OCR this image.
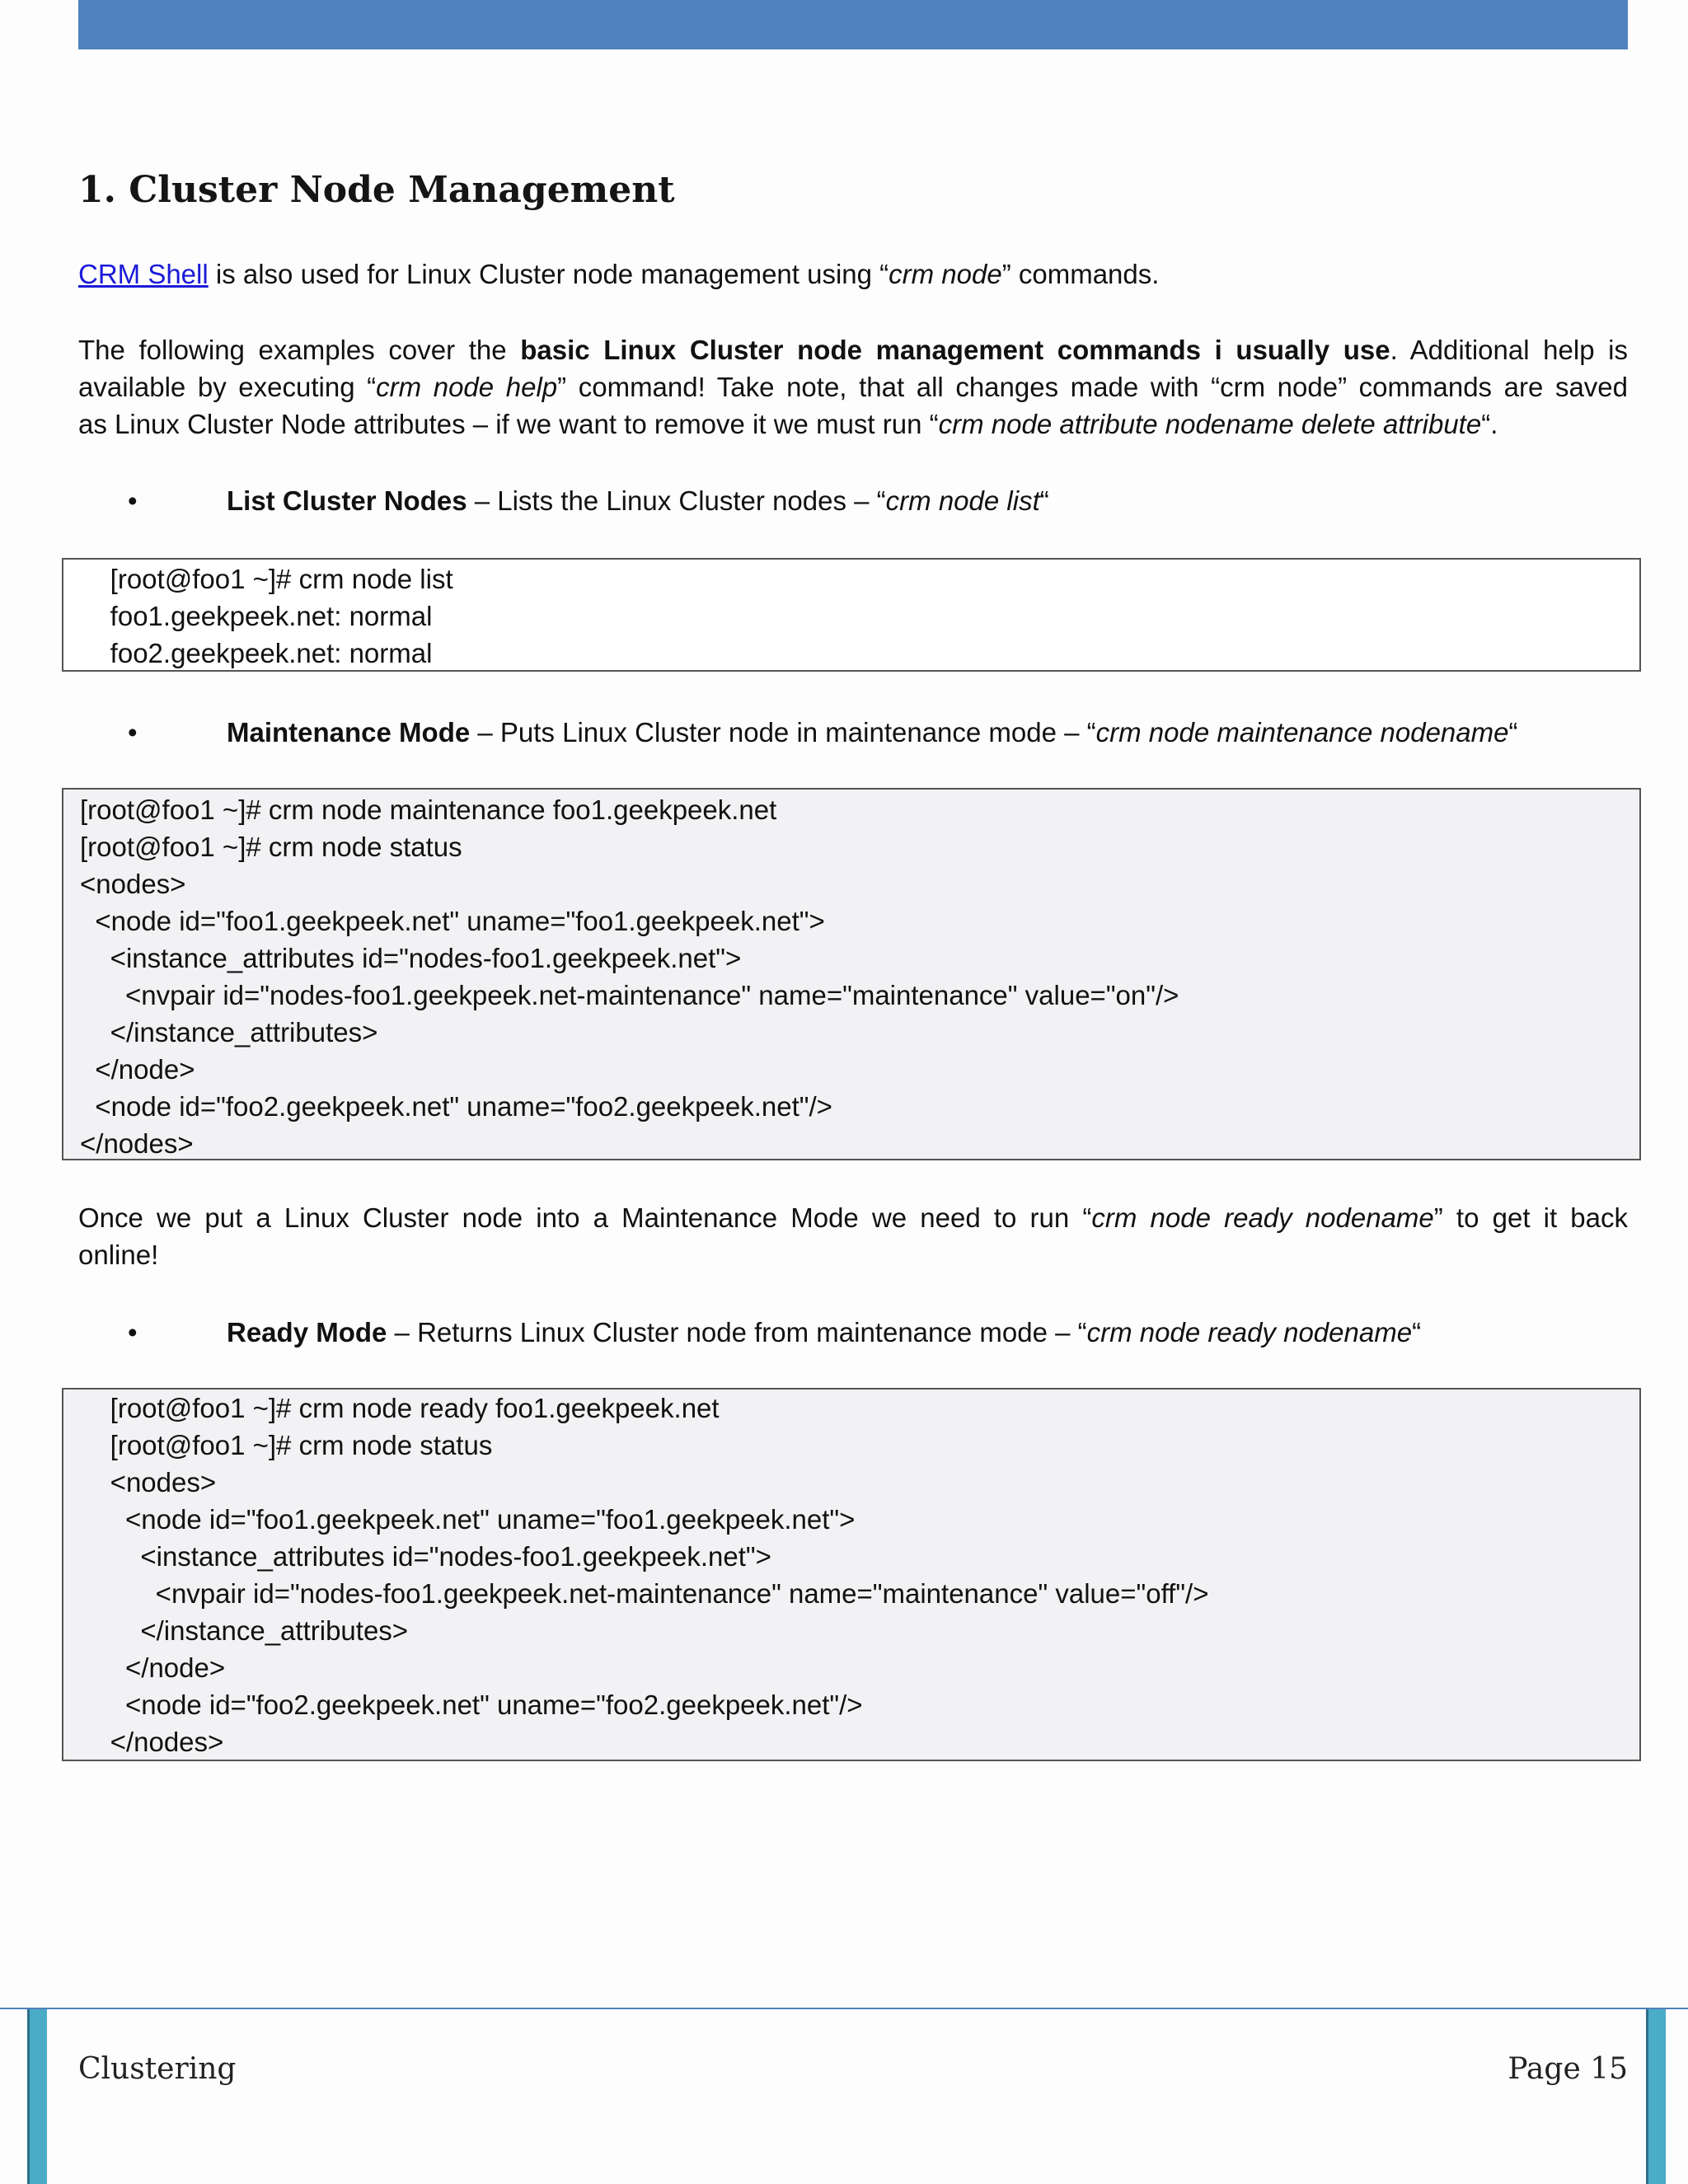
1. Cluster Node Management

CRM Shell is also used for Linux Cluster node management using “crm node” commands.

The following examples cover the basic Linux Cluster node management commands i usually use. Additional help is
available by executing “crm node help” command! Take note, that all changes made with “crm node” commands are saved
as Linux Cluster Node attributes – if we want to remove it we must run “crm node attribute nodename delete attribute“.

•	List Cluster Nodes – Lists the Linux Cluster nodes – “crm node list“

•	Maintenance Mode – Puts Linux Cluster node in maintenance mode – “crm node maintenance nodename“

Once we put a Linux Cluster node into a Maintenance Mode we need to run “crm node ready nodename” to get it back
online!

•	Ready Mode – Returns Linux Cluster node from maintenance mode – “crm node ready nodename“

[root@foo1 ~]# crm node list
foo1.geekpeek.net: normal
foo2.geekpeek.net: normal
[root@foo1 ~]# crm node maintenance foo1.geekpeek.net
[root@foo1 ~]# crm node status
<nodes>
<node id="foo1.geekpeek.net" uname="foo1.geekpeek.net">
<instance_attributes id="nodes-foo1.geekpeek.net">
<nvpair id="nodes-foo1.geekpeek.net-maintenance" name="maintenance" value="on"/>
</instance_attributes>
</node>
<node id="foo2.geekpeek.net" uname="foo2.geekpeek.net"/>
</nodes>
[root@foo1 ~]# crm node ready foo1.geekpeek.net
[root@foo1 ~]# crm node status
<nodes>
<node id="foo1.geekpeek.net" uname="foo1.geekpeek.net">
<instance_attributes id="nodes-foo1.geekpeek.net">
<nvpair id="nodes-foo1.geekpeek.net-maintenance" name="maintenance" value="off"/>
</instance_attributes>
</node>
<node id="foo2.geekpeek.net" uname="foo2.geekpeek.net"/>
</nodes>
Clustering	Page 15
